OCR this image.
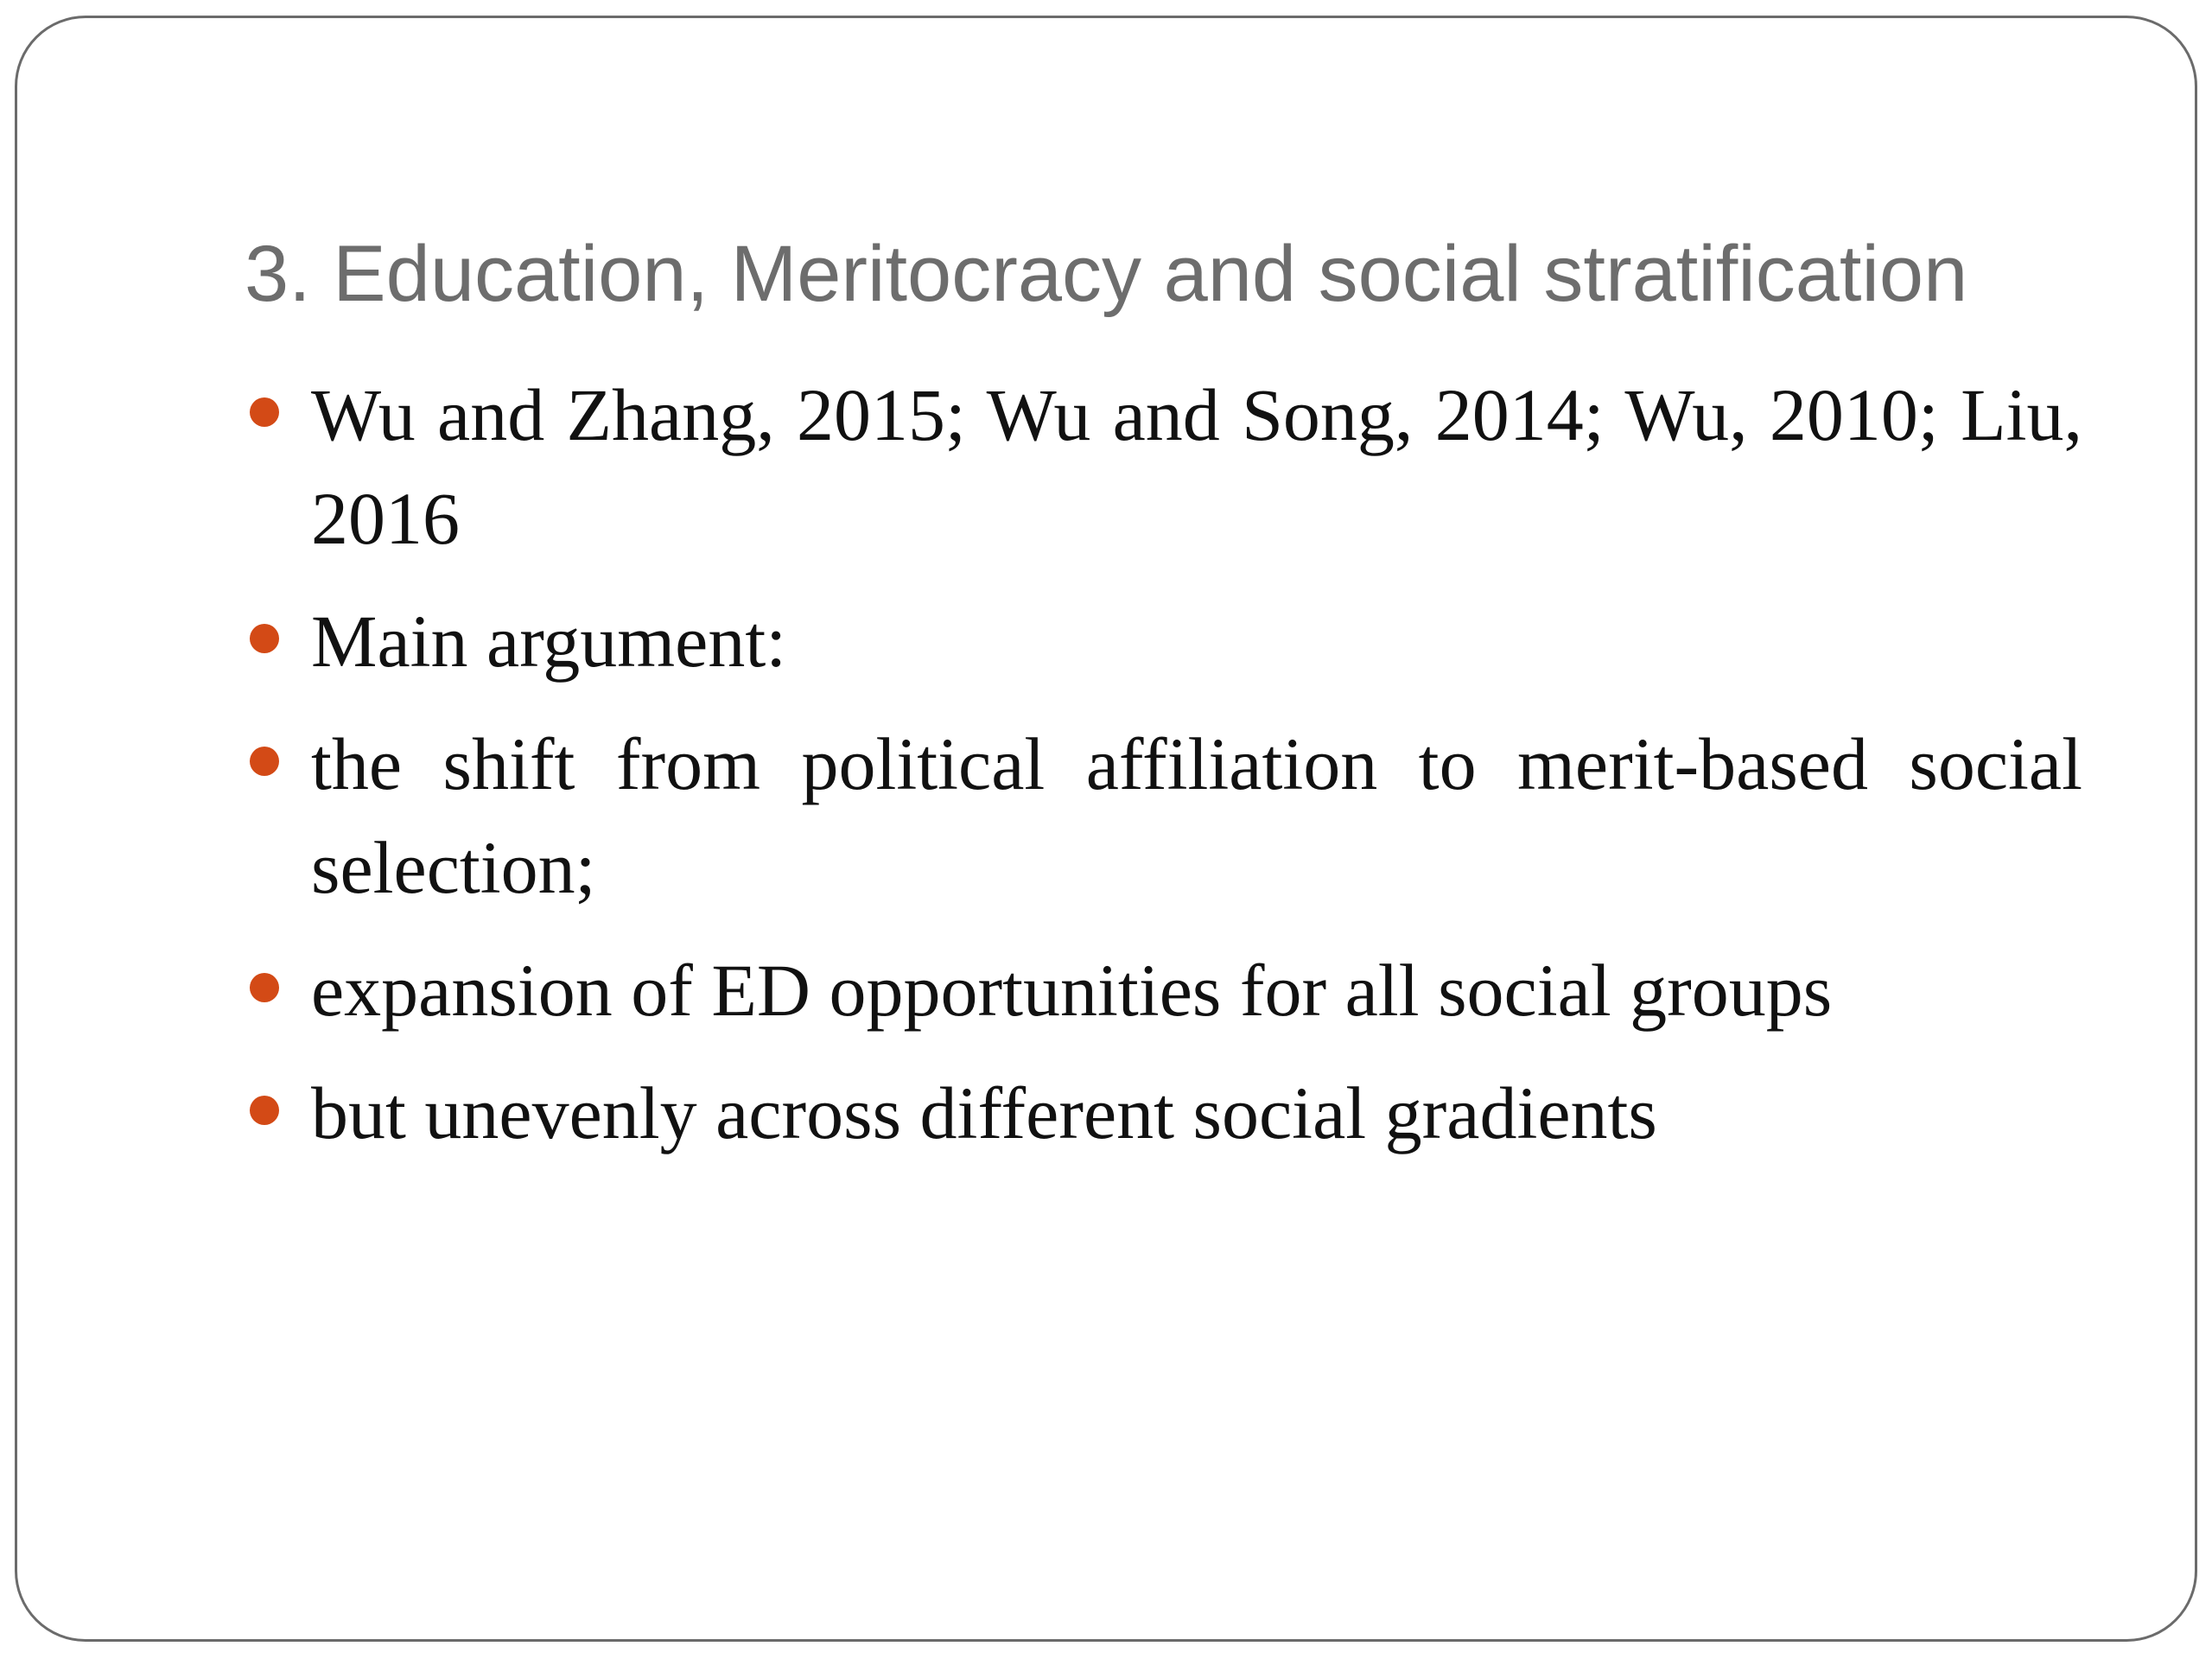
3. Education, Meritocracy and social stratification
Wu and Zhang, 2015; Wu and Song, 2014; Wu, 2010; Liu, 2016
Main argument:
the shift from political affiliation to merit-based social selection;
expansion of ED opportunities for all social groups
but unevenly across different social gradients
